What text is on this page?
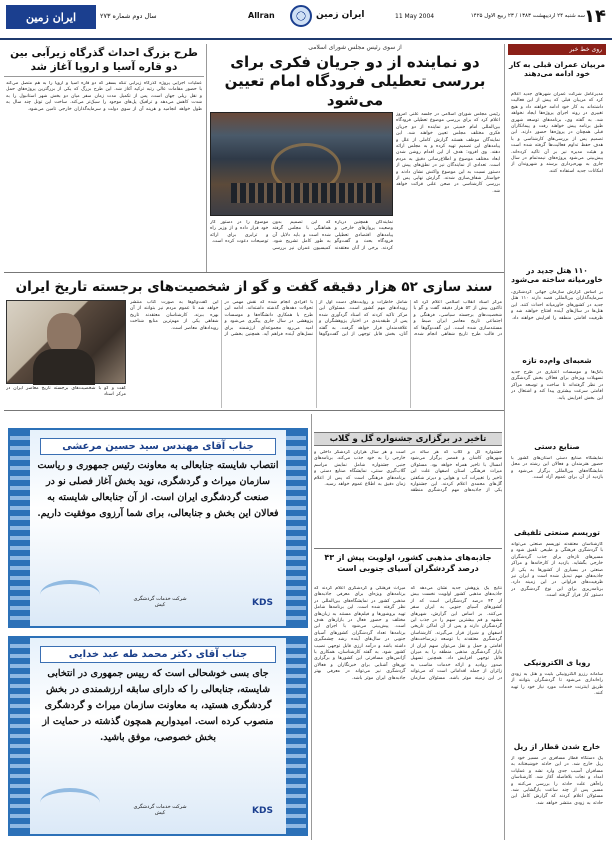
ایران زمین	سال دوم شماره ۲۷۳	Allran	ایران زمین	11 May 2004	سه شنبه ۲۴ اردیبهشت ۱۳۸۳ / ۲۳ ربیع الاول ۱۴۲۵ ۱۴
روی خط خبر
مربیان عمران قبلی به کار خود ادامه می‌دهند
مدیرعامل شرکت عمران شهرهای جدید اعلام کرد که مربیان قبلی که پیش از این فعالیت داشته‌اند به کار خود ادامه خواهند داد و هیچ تغییری در روند اجرای پروژه‌ها ایجاد نخواهد شد. به گفته وی، برنامه‌های توسعه شهری طبق برنامه پیش خواهند رفت و پیمانکاران قبلی همچنان در پروژه‌ها حضور دارند. این تصمیم پس از بررسی‌های کارشناسی و با هدف حفظ تداوم فعالیت‌ها گرفته شده است و هیئت مدیره نیز بر آن تاکید کرده‌اند. پیش‌بینی می‌شود پروژه‌های نیمه‌تمام در سال جاری به بهره‌برداری برسند و شهروندان از امکانات جدید استفاده کنند.
۱۱۰ هتل جدید در خاورمیانه ساخته می‌شود
بر اساس گزارش سازمان جهانی گردشگری، سرمایه‌گذاران بین‌المللی قصد دارند ۱۱۰ هتل جدید در کشورهای خاورمیانه احداث کنند. این هتل‌ها در سال‌های آینده افتتاح خواهند شد و ظرفیت اقامتی منطقه را افزایش خواهند داد.
شعبه‌ای وام‌ده تازه
بانک‌ها و موسسات اعتباری در طرح جدید تسهیلات ویژه‌ای برای فعالان بخش گردشگری در نظر گرفته‌اند تا ساخت و توسعه مراکز اقامتی سرعت بیشتری پیدا کند و اشتغال در این بخش افزایش یابد.
صنایع دستی
نمایشگاه صنایع دستی استان‌های کشور با حضور هنرمندان و فعالان این رشته در محل نمایشگاه‌های بین‌المللی برگزار می‌شود و بازدید از آن برای عموم آزاد است.
توریسم صنعتی تلفیقی
کارشناسان معتقدند توریسم صنعتی می‌تواند با گردشگری فرهنگی و طبیعی تلفیق شود و مسیرهای تازه‌ای برای جذب گردشگران خارجی بگشاید. بازدید از کارخانه‌ها و مراکز صنعتی در بسیاری از کشورها به یکی از جاذبه‌های مهم تبدیل شده است و ایران نیز ظرفیت‌های فراوانی در این زمینه دارد. برنامه‌ریزی برای این نوع گردشگری در دستور کار قرار گرفته است.
رویا ی الکترونیکی
سامانه رزرو الکترونیکی بلیت و هتل به زودی راه‌اندازی می‌شود تا گردشگران بتوانند از طریق اینترنت خدمات مورد نیاز خود را تهیه کنند.
خارج شدن قطار از ریل
یک دستگاه قطار مسافری در مسیر خود از ریل خارج شد. در این حادثه خوشبختانه به مسافران آسیب جدی وارد نشد و عملیات امداد و نجات بلافاصله آغاز شد. کارشناسان راه‌آهن علت حادثه را بررسی می‌کنند و مسیر پس از چند ساعت بازگشایی شد. مسئولان اعلام کردند که گزارش کامل این حادثه به زودی منتشر خواهد شد.
طرح بزرگ احداث گذرگاه زیرآبی بین دو قاره آسیا و اروپا آغاز شد
عملیات اجرایی پروژه گذرگاه زیرآبی تنگه بسفر که دو قاره آسیا و اروپا را به هم متصل می‌کند با حضور مقامات عالی رتبه ترکیه آغاز شد. این طرح بزرگ که یکی از بزرگترین پروژه‌های حمل و نقل ریلی جهان است، پس از تکمیل مدت زمان سفر میان دو بخش شهر استانبول را به شدت کاهش می‌دهد و ترافیک پل‌های موجود را سبک‌تر می‌کند. ساخت این تونل چند سال به طول خواهد انجامید و هزینه آن از سوی دولت و سرمایه‌گذاران خارجی تامین می‌شود.
از سوی رئیس مجلس شورای اسلامی
دو نماینده از دو جریان فکری برای بررسی تعطیلی فرودگاه امام تعیین می‌شود
رئیس مجلس شورای اسلامی در جلسه علنی امروز اعلام کرد که برای بررسی موضوع تعطیلی فرودگاه بین‌المللی امام خمینی دو نماینده از دو جریان فکری مختلف مجلس تعیین خواهند شد. این نمایندگان موظف هستند گزارش کاملی از علل و پیامدهای این تصمیم تهیه کرده و به مجلس ارائه دهند. وی افزود: هدف از این اقدام روشن شدن ابعاد مختلف موضوع و اطلاع‌رسانی دقیق به مردم است. تعدادی از نمایندگان نیز در نطق‌های پیش از دستور نسبت به این موضوع واکنش نشان دادند و خواستار شفاف‌سازی شدند. گزارش نهایی پس از بررسی کارشناسی در صحن علنی قرائت خواهد شد.
نمایندگان همچنین درباره وضعیت پروازهای خارجی و پیامدهای اقتصادی تعطیلی فرودگاه بحث و گفت‌وگو کردند. برخی از آنان معتقدند که این تصمیم بدون هماهنگی با مجلس گرفته شده است و باید دلایل آن به طور کامل تشریح شود. کمیسیون عمران نیز بررسی موضوع را در دستور کار خود قرار داده و از وزیر راه و ترابری برای ارائه توضیحات دعوت کرده است.
سند سازی ۵۲ هزار دقیقه گفت و گو از شخصیت‌های برجسته تاریخ ایران
گفت و گو با شخصیت‌های برجسته تاریخ معاصر ایران در مرکز اسناد
مرکز اسناد انقلاب اسلامی اعلام کرد که تاکنون بیش از ۵۲ هزار دقیقه گفت و گو با شخصیت‌های برجسته سیاسی، فرهنگی و اجتماعی تاریخ معاصر ایران ضبط و مستندسازی شده است. این گفت‌وگوها که در قالب طرح تاریخ شفاهی انجام شده، شامل خاطرات و روایت‌های دست اول از رویدادهای مهم کشور است. مسئولان این مرکز تاکید کردند که اسناد گردآوری شده پس از طبقه‌بندی در اختیار پژوهشگران و علاقه‌مندان قرار خواهد گرفت. به گفته آنان، بخش قابل توجهی از این گفت‌وگوها با افرادی انجام شده که نقش مهمی در تحولات دهه‌های گذشته داشته‌اند. ادامه این طرح با همکاری دانشگاه‌ها و موسسات پژوهشی در سال جاری پیگیری می‌شود و امید می‌رود مجموعه‌ای ارزشمند برای نسل‌های آینده فراهم آید. همچنین بخشی از این گفت‌وگوها به صورت کتاب منتشر خواهد شد تا عموم مردم نیز بتوانند از آن بهره ببرند. کارشناسان معتقدند تاریخ شفاهی یکی از مهم‌ترین منابع شناخت رویدادهای معاصر است.
جناب آقای مهندس سید حسین مرعشی
انتصاب شایسته جنابعالی به معاونت رئیس جمهوری و ریاست سازمان میراث و گردشگری، نوید بخش آغاز فصلی نو در صنعت گردشگری ایران است. از آن جنابعالی شایسته به فعالان این بخش و جنابعالی، برای شما آرزوی موفقیت داریم.
شرکت خدمات گردشگری کیش	KDS
جناب آقای دکتر محمد طه عبد خدایی
جای بسی خوشحالی است که رییس جمهوری در انتخابی شایسته، جنابعالی را که دارای سابقه ارزشمندی در بخش گردشگری هستید، به معاونت سازمان میراث و گردشگری منصوب کرده است. امیدواریم همچون گذشته در حمایت از بخش خصوصی، موفق باشید.
شرکت خدمات گردشگری کیش	KDS
تاخیر در برگزاری جشنواره گل و گلاب
جشنواره گل و گلاب که هر ساله در شهرهای کاشان و قمصر برگزار می‌شود امسال با تاخیر همراه خواهد بود. مسئولان میراث فرهنگی استان اصفهان علت این تاخیر را تغییرات آب و هوایی و دیرتر شکفتن گل‌های محمدی اعلام کردند. این جشنواره یکی از جاذبه‌های مهم گردشگری منطقه است و هر سال هزاران گردشگر داخلی و خارجی را به خود جذب می‌کند. برنامه‌های جنبی جشنواره شامل نمایش مراسم گلاب‌گیری سنتی، نمایشگاه صنایع دستی و برنامه‌های فرهنگی است که پس از اعلام زمان دقیق به اطلاع عموم خواهد رسید.
جاذبه‌های مذهبی کشور، اولویت پیش از ۴۳ درصد گردشگران آسیای جنوبی است
نتایج یک پژوهش جدید نشان می‌دهد که جاذبه‌های مذهبی کشور اولویت نخست بیش از ۴۳ درصد گردشگرانی است که از کشورهای آسیای جنوبی به ایران سفر می‌کنند. بر اساس این گزارش، شهرهای مشهد و قم بیشترین سهم را در جذب این گردشگران دارند و پس از آن اماکن تاریخی اصفهان و شیراز قرار می‌گیرند. کارشناسان گردشگری معتقدند با توسعه زیرساخت‌های اقامتی و حمل و نقل می‌توان سهم ایران از بازار گردشگری مذهبی منطقه را به میزان قابل توجهی افزایش داد. همچنین تسهیل صدور روادید و ارائه خدمات مناسب به زائران از جمله اقداماتی است که می‌تواند در این زمینه موثر باشد. مسئولان سازمان میراث فرهنگی و گردشگری اعلام کردند که برنامه‌های ویژه‌ای برای معرفی جاذبه‌های مذهبی کشور در نمایشگاه‌های بین‌المللی در نظر گرفته شده است. این برنامه‌ها شامل تهیه بروشورها و فیلم‌های مستند به زبان‌های مختلف و حضور فعال در بازارهای هدف است. پیش‌بینی می‌شود با اجرای این برنامه‌ها تعداد گردشگران کشورهای آسیای جنوبی در سال‌های آینده رشد چشمگیری داشته باشد و درآمد ارزی قابل توجهی نصیب کشور شود. به گفته کارشناسان، همکاری با آژانس‌های مسافرتی این کشورها و برگزاری تورهای آشنایی برای خبرنگاران و فعالان گردشگری نیز می‌تواند در معرفی بهتر جاذبه‌های ایران موثر باشد.
